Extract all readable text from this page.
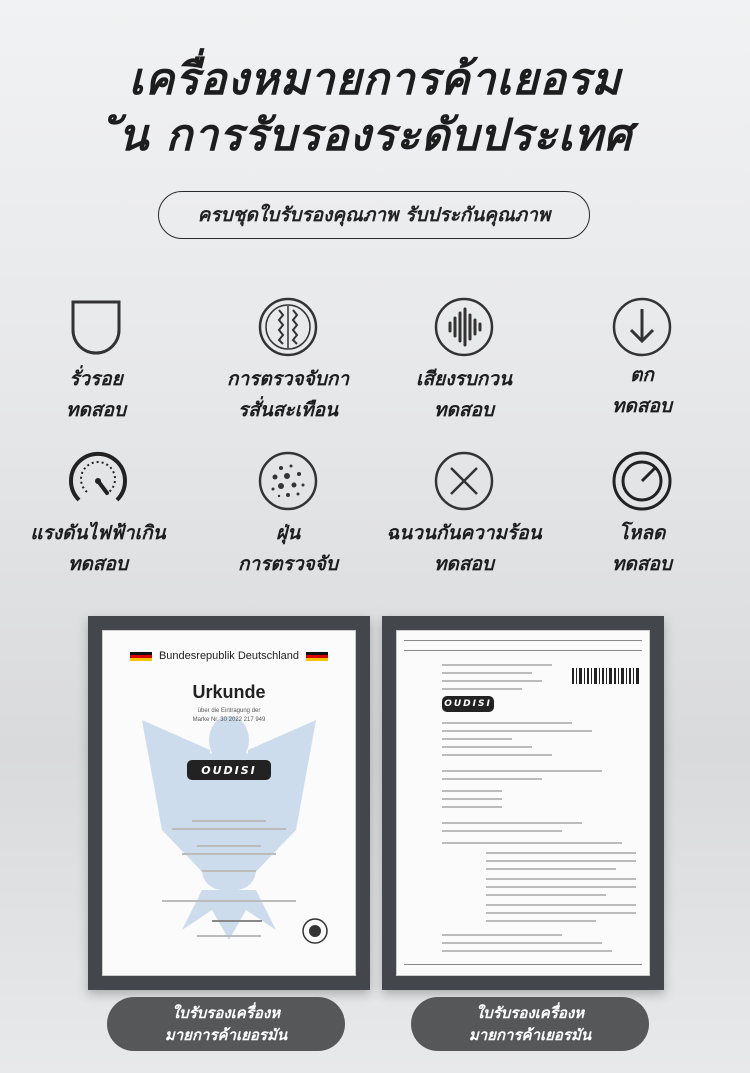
เครื่องหมายการค้าเยอรม
ัน การรับรองระดับประเทศ
ครบชุดใบรับรองคุณภาพ รับประกันคุณภาพ
รั่วรอย
ทดสอบ
การตรวจจับกา
รสั่นสะเทือน
เสียงรบกวน
ทดสอบ
ตก
ทดสอบ
แรงดันไฟฟ้าเกิน
ทดสอบ
ฝุ่น
การตรวจจับ
ฉนวนกันความร้อน
ทดสอบ
โหลด
ทดสอบ
Bundesrepublik Deutschland
Urkunde
über die Eintragung der
Marke Nr. 30 2022 217 949
OUDISI
OUDISI
ใบรับรองเครื่องห
มายการค้าเยอรมัน
ใบรับรองเครื่องห
มายการค้าเยอรมัน
